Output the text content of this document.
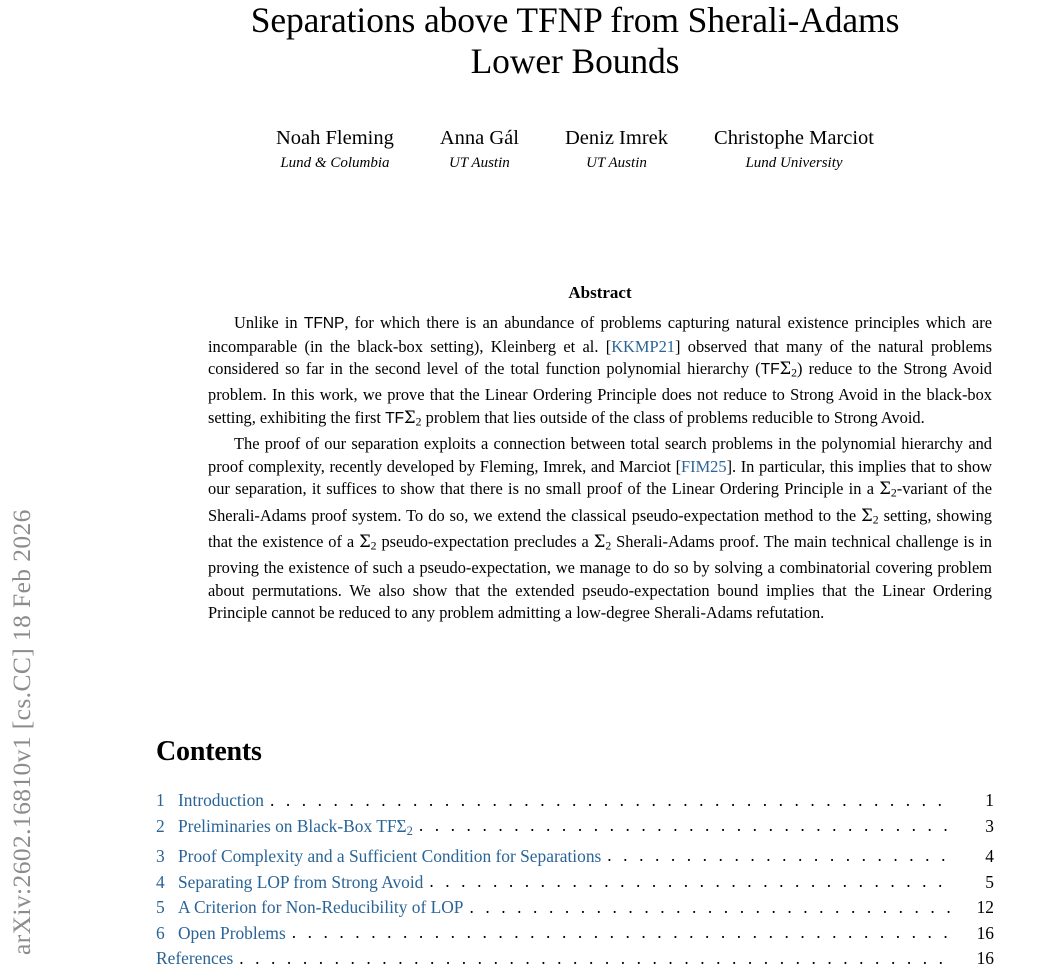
arXiv:2602.16810v1 [cs.CC] 18 Feb 2026
Separations above TFNP from Sherali-Adams
Lower Bounds
Noah Fleming
Lund & Columbia
Anna Gál
UT Austin
Deniz Imrek
UT Austin
Christophe Marciot
Lund University
Abstract

Unlike in TFNP, for which there is an abundance of problems capturing natural existence principles which are incomparable (in the black-box setting), Kleinberg et al. [KKMP21] observed that many of the natural problems considered so far in the second level of the total function polynomial hierarchy $(TF\Sigma_2)$ reduce to the Strong Avoid problem. In this work, we prove that the Linear Ordering Principle does not reduce to Strong Avoid in the black-box setting, exhibiting the first $TF\Sigma_2$ problem that lies outside of the class of problems reducible to Strong Avoid.

The proof of our separation exploits a connection between total search problems in the polynomial hierarchy and proof complexity, recently developed by Fleming, Imrek, and Marciot [FIM25]. In particular, this implies that to show our separation, it suffices to show that there is no small proof of the Linear Ordering Principle in a $\Sigma_2$-variant of the Sherali-Adams proof system. To do so, we extend the classical pseudo-expectation method to the $\Sigma_2$ setting, showing that the existence of a $\Sigma_2$ pseudo-expectation precludes a $\Sigma_2$ Sherali-Adams proof. The main technical challenge is in proving the existence of such a pseudo-expectation, we manage to do so by solving a combinatorial covering problem about permutations. We also show that the extended pseudo-expectation bound implies that the Linear Ordering Principle cannot be reduced to any problem admitting a low-degree Sherali-Adams refutation.

Contents
1 Introduction . . .	1
2 Preliminaries on Black-Box $TF\Sigma_2$ . . .	3
3 Proof Complexity and a Sufficient Condition for Separations . . .	4
4 Separating LOP from Strong Avoid . . .	5
5 A Criterion for Non-Reducibility of LOP . . .	12
6 Open Problems . . .	16
References . . .	16
